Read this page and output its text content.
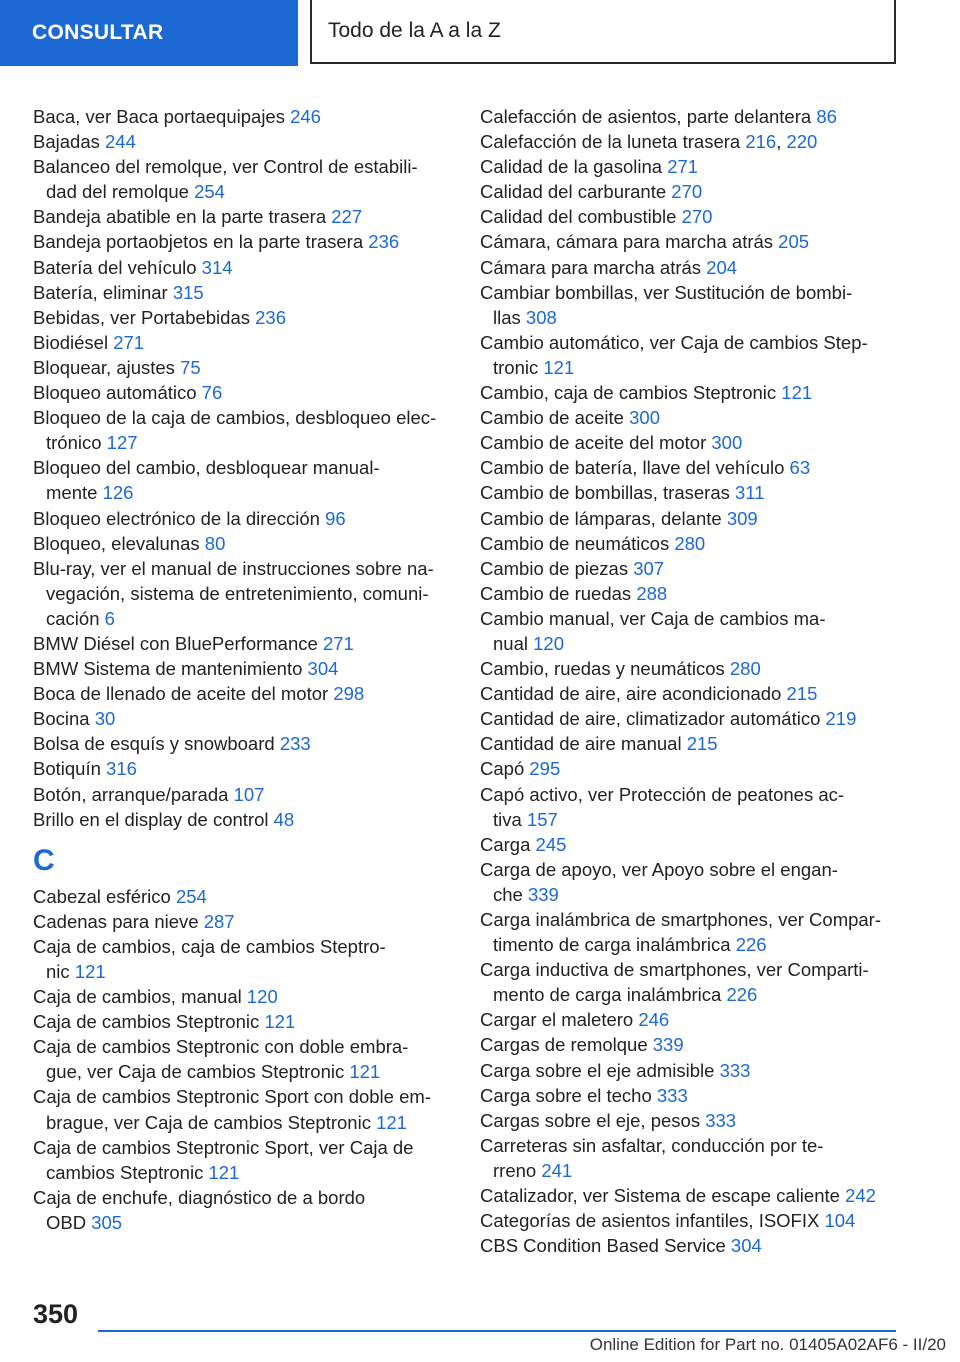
CONSULTAR	Todo de la A a la Z
Baca, ver Baca portaequipajes 246
Bajadas 244
Balanceo del remolque, ver Control de estabili-
dad del remolque 254
Bandeja abatible en la parte trasera 227
Bandeja portaobjetos en la parte trasera 236
Batería del vehículo 314
Batería, eliminar 315
Bebidas, ver Portabebidas 236
Biodiésel 271
Bloquear, ajustes 75
Bloqueo automático 76
Bloqueo de la caja de cambios, desbloqueo elec-
trónico 127
Bloqueo del cambio, desbloquear manual-
mente 126
Bloqueo electrónico de la dirección 96
Bloqueo, elevalunas 80
Blu-ray, ver el manual de instrucciones sobre na-
vegación, sistema de entretenimiento, comuni-
cación 6
BMW Diésel con BluePerformance 271
BMW Sistema de mantenimiento 304
Boca de llenado de aceite del motor 298
Bocina 30
Bolsa de esquís y snowboard 233
Botiquín 316
Botón, arranque/parada 107
Brillo en el display de control 48
C
Cabezal esférico 254
Cadenas para nieve 287
Caja de cambios, caja de cambios Steptro-
nic 121
Caja de cambios, manual 120
Caja de cambios Steptronic 121
Caja de cambios Steptronic con doble embra-
gue, ver Caja de cambios Steptronic 121
Caja de cambios Steptronic Sport con doble em-
brague, ver Caja de cambios Steptronic 121
Caja de cambios Steptronic Sport, ver Caja de
cambios Steptronic 121
Caja de enchufe, diagnóstico de a bordo
OBD 305
Calefacción de asientos, parte delantera 86
Calefacción de la luneta trasera 216, 220
Calidad de la gasolina 271
Calidad del carburante 270
Calidad del combustible 270
Cámara, cámara para marcha atrás 205
Cámara para marcha atrás 204
Cambiar bombillas, ver Sustitución de bombi-
llas 308
Cambio automático, ver Caja de cambios Step-
tronic 121
Cambio, caja de cambios Steptronic 121
Cambio de aceite 300
Cambio de aceite del motor 300
Cambio de batería, llave del vehículo 63
Cambio de bombillas, traseras 311
Cambio de lámparas, delante 309
Cambio de neumáticos 280
Cambio de piezas 307
Cambio de ruedas 288
Cambio manual, ver Caja de cambios ma-
nual 120
Cambio, ruedas y neumáticos 280
Cantidad de aire, aire acondicionado 215
Cantidad de aire, climatizador automático 219
Cantidad de aire manual 215
Capó 295
Capó activo, ver Protección de peatones ac-
tiva 157
Carga 245
Carga de apoyo, ver Apoyo sobre el engan-
che 339
Carga inalámbrica de smartphones, ver Compar-
timento de carga inalámbrica 226
Carga inductiva de smartphones, ver Comparti-
mento de carga inalámbrica 226
Cargar el maletero 246
Cargas de remolque 339
Carga sobre el eje admisible 333
Carga sobre el techo 333
Cargas sobre el eje, pesos 333
Carreteras sin asfaltar, conducción por te-
rreno 241
Catalizador, ver Sistema de escape caliente 242
Categorías de asientos infantiles, ISOFIX 104
CBS Condition Based Service 304
350
Online Edition for Part no. 01405A02AF6 - II/20
